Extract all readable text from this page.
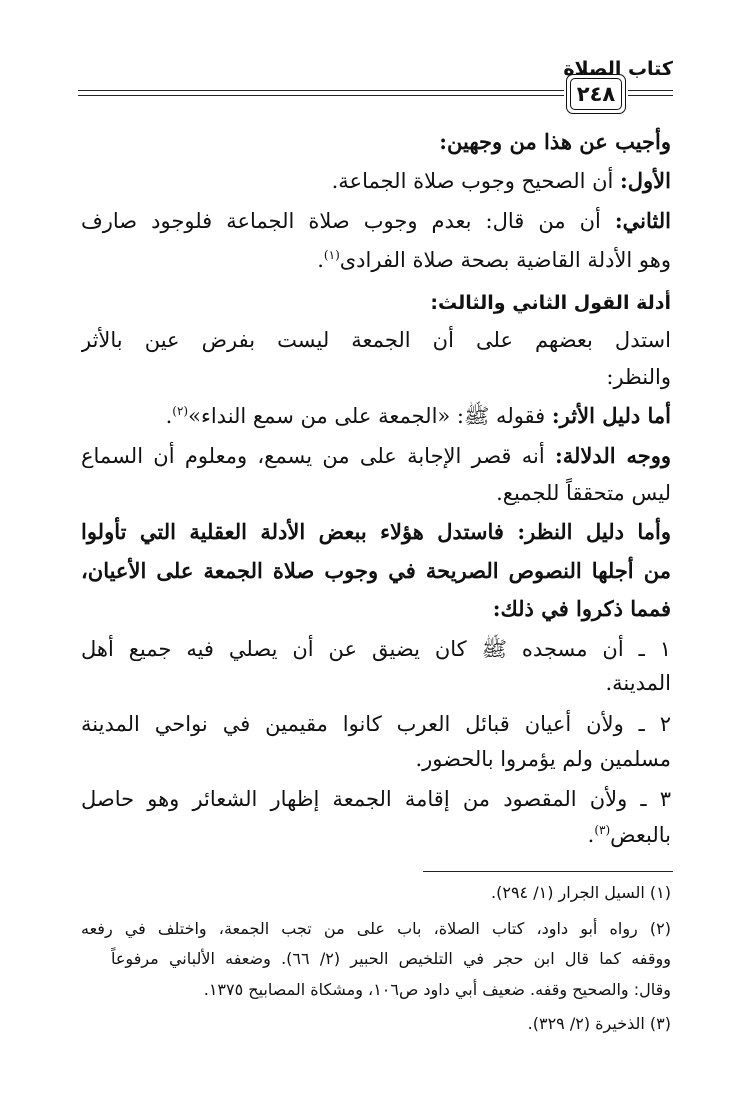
كتاب الصلاة
٢٤٨
وأجيب عن هذا من وجهين:
الأول: أن الصحيح وجوب صلاة الجماعة.
الثاني: أن من قال: بعدم وجوب صلاة الجماعة فلوجود صارف
وهو الأدلة القاضية بصحة صلاة الفرادى$^{(١)}$.
أدلة القول الثاني والثالث:
استدل بعضهم على أن الجمعة ليست بفرض عين بالأثر
والنظر:
أما دليل الأثر: فقوله ﷺ: «الجمعة على من سمع النداء»$^{(٢)}$.
ووجه الدلالة: أنه قصر الإجابة على من يسمع، ومعلوم أن السماع
ليس متحققاً للجميع.
وأما دليل النظر: فاستدل هؤلاء ببعض الأدلة العقلية التي تأولوا
من أجلها النصوص الصريحة في وجوب صلاة الجمعة على الأعيان،
فمما ذكروا في ذلك:
١ ـ أن مسجده ﷺ كان يضيق عن أن يصلي فيه جميع أهل
المدينة.
٢ ـ ولأن أعيان قبائل العرب كانوا مقيمين في نواحي المدينة
مسلمين ولم يؤمروا بالحضور.
٣ ـ ولأن المقصود من إقامة الجمعة إظهار الشعائر وهو حاصل
بالبعض$^{(٣)}$.
(١) السيل الجرار (١/ ٢٩٤).
(٢) رواه أبو داود، كتاب الصلاة، باب على من تجب الجمعة، واختلف في رفعه
ووقفه كما قال ابن حجر في التلخيص الحبير (٢/ ٦٦). وضعفه الألباني مرفوعاً
وقال: والصحيح وقفه. ضعيف أبي داود ص١٠٦، ومشكاة المصابيح ١٣٧٥.
(٣) الذخيرة (٢/ ٣٢٩).
